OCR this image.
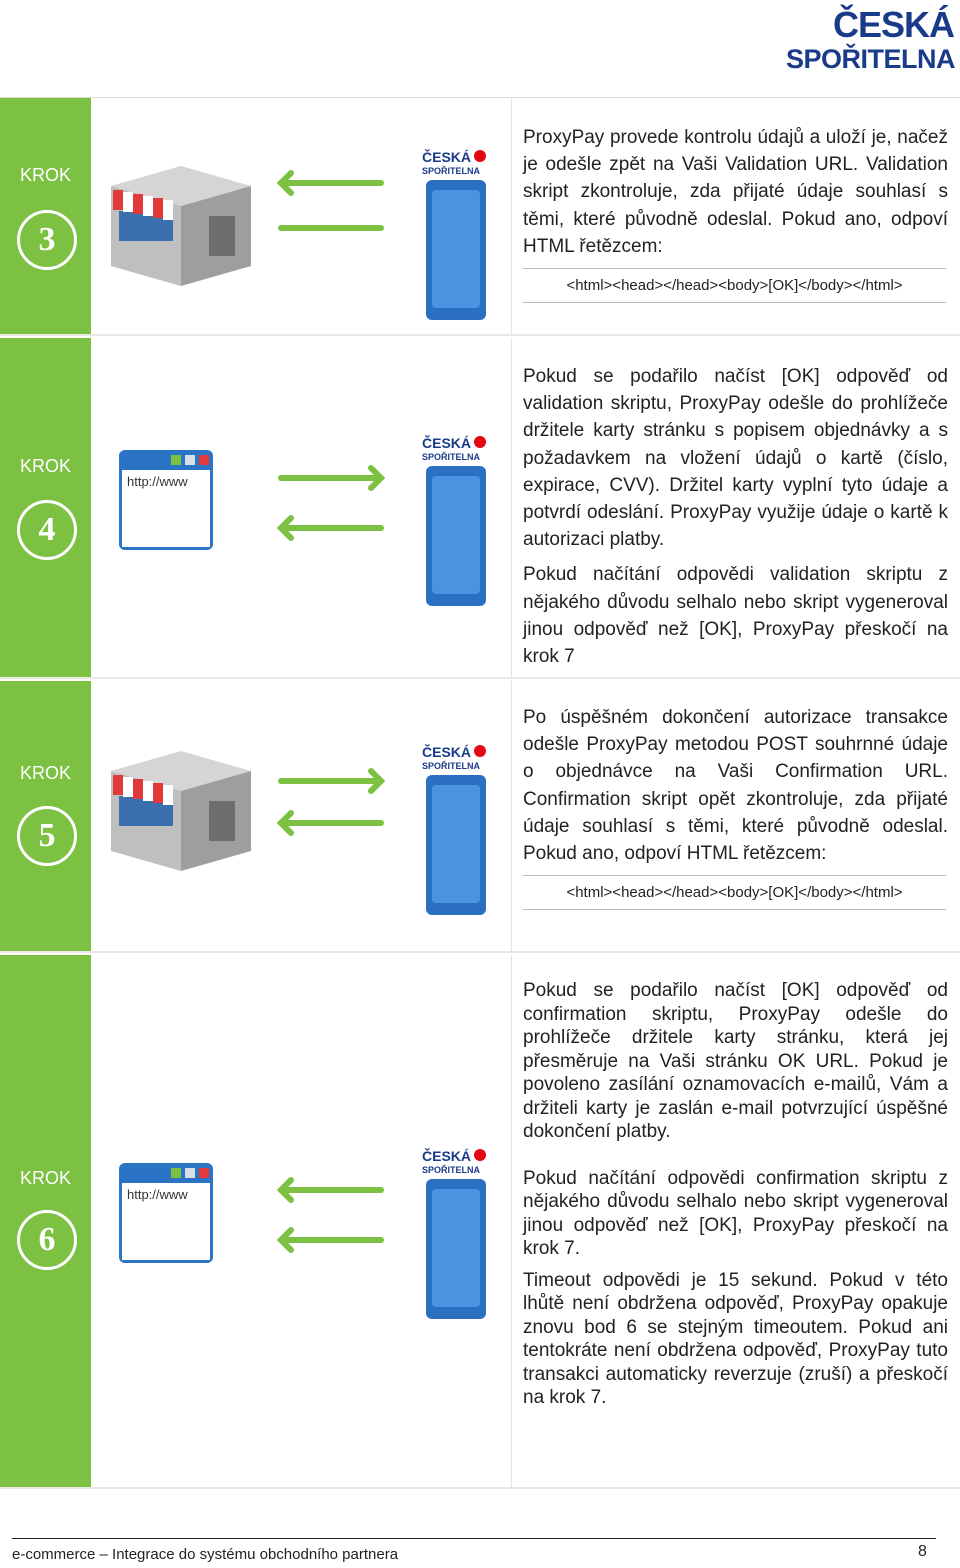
ČESKÁ
SPOŘITELNA
KROK
3
ČESKÁ
SPOŘITELNA

ProxyPay provede kontrolu údajů a uloží je, načež je odešle zpět na Vaši Validation URL. Validation skript zkontroluje, zda přijaté údaje souhlasí s těmi, které původně odeslal. Pokud ano, odpoví HTML řetězcem:

<html><head></head><body>[OK]</body></html>
KROK
4
http://www
ČESKÁ
SPOŘITELNA

Pokud se podařilo načíst [OK] odpověď od validation skriptu, ProxyPay odešle do prohlížeče držitele karty stránku s popisem objednávky a s požadavkem na vložení údajů o kartě (číslo, expirace, CVV). Držitel karty vyplní tyto údaje a potvrdí odeslání. ProxyPay využije údaje o kartě k autorizaci platby.

Pokud načítání odpovědi validation skriptu z nějakého důvodu selhalo nebo skript vygeneroval jinou odpověď než [OK], ProxyPay přeskočí na krok 7

KROK
5
ČESKÁ
SPOŘITELNA

Po úspěšném dokončení autorizace transakce odešle ProxyPay metodou POST souhrnné údaje o objednávce na Vaši Confirmation URL. Confirmation skript opět zkontroluje, zda přijaté údaje souhlasí s těmi, které původně odeslal. Pokud ano, odpoví HTML řetězcem:

<html><head></head><body>[OK]</body></html>
KROK
6
http://www
ČESKÁ
SPOŘITELNA

Pokud se podařilo načíst [OK] odpověď od confirmation skriptu, ProxyPay odešle do prohlížeče držitele karty stránku, která jej přesměruje na Vaši stránku OK URL. Pokud je povoleno zasílání oznamovacích e-mailů, Vám a držiteli karty je zaslán e-mail potvrzující úspěšné dokončení platby.

Pokud načítání odpovědi confirmation skriptu z nějakého důvodu selhalo nebo skript vygeneroval jinou odpověď než [OK], ProxyPay přeskočí na krok 7.

Timeout odpovědi je 15 sekund. Pokud v této lhůtě není obdržena odpověď, ProxyPay opakuje znovu bod 6 se stejným timeoutem. Pokud ani tentokráte není obdržena odpověď, ProxyPay tuto transakci automaticky reverzuje (zruší) a přeskočí na krok 7.

e-commerce – Integrace do systému obchodního partnera	8
